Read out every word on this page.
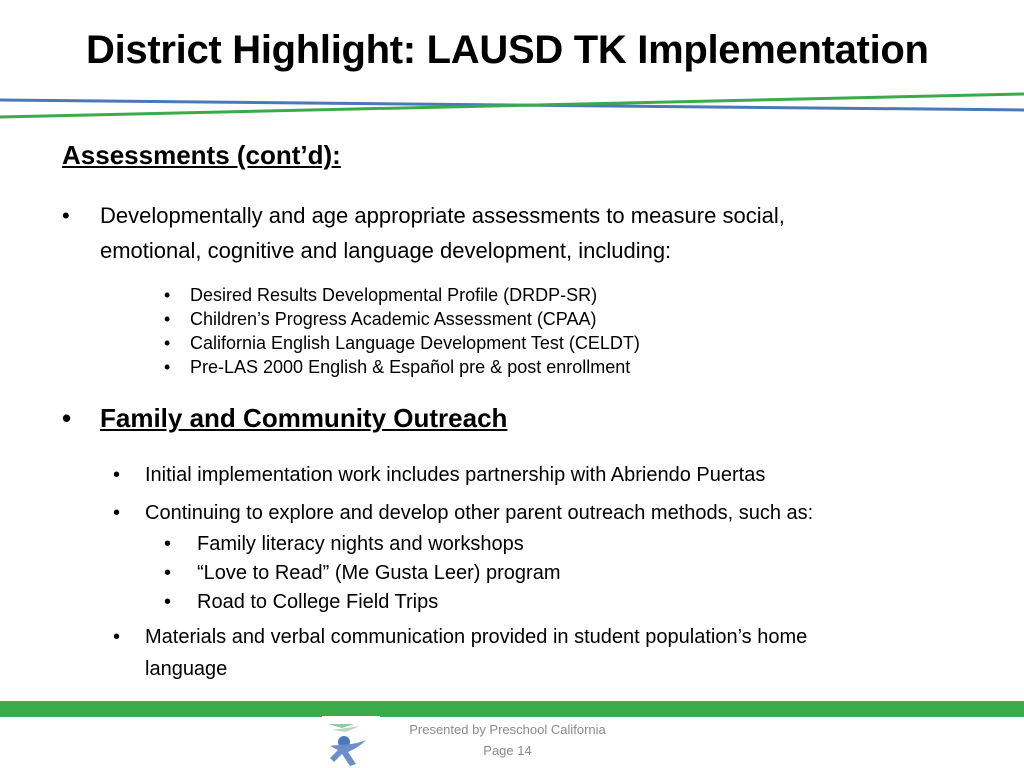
District Highlight: LAUSD TK Implementation
Assessments (cont’d):
• Developmentally and age appropriate assessments to measure social,
emotional, cognitive and language development, including:
• Desired Results Developmental Profile (DRDP-SR)
• Children’s Progress Academic Assessment (CPAA)
• California English Language Development Test (CELDT)
• Pre-LAS 2000 English & Español pre & post enrollment
• Family and Community Outreach
• Initial implementation work includes partnership with Abriendo Puertas
• Continuing to explore and develop other parent outreach methods, such as:
• Family literacy nights and workshops
• “Love to Read” (Me Gusta Leer) program
• Road to College Field Trips
• Materials and verbal communication provided in student population’s home
language
Presented by Preschool California
Page 14
